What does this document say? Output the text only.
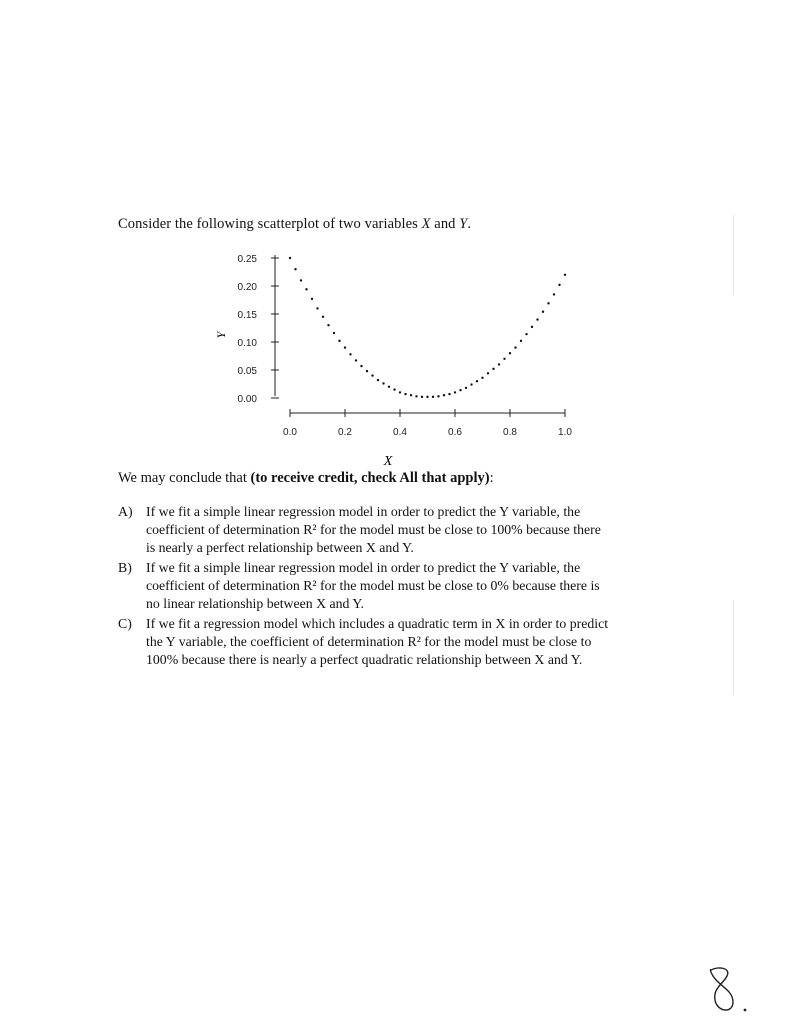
Consider the following scatterplot of two variables X and Y.
0.00
0.05
0.10
0.15
0.20
0.25
0.0	0.2	0.4	0.6	0.8	1.0
Y
X
We may conclude that (to receive credit, check All that apply):
A) If we fit a simple linear regression model in order to predict the Y variable, the
coefficient of determination R² for the model must be close to 100% because there
is nearly a perfect relationship between X and Y.
B)	If we fit a simple linear regression model in order to predict the Y variable, the
coefficient of determination R² for the model must be close to 0% because there is
no linear relationship between X and Y.
C)	If we fit a regression model which includes a quadratic term in X in order to predict
the Y variable, the coefficient of determination R² for the model must be close to
100% because there is nearly a perfect quadratic relationship between X and Y.
